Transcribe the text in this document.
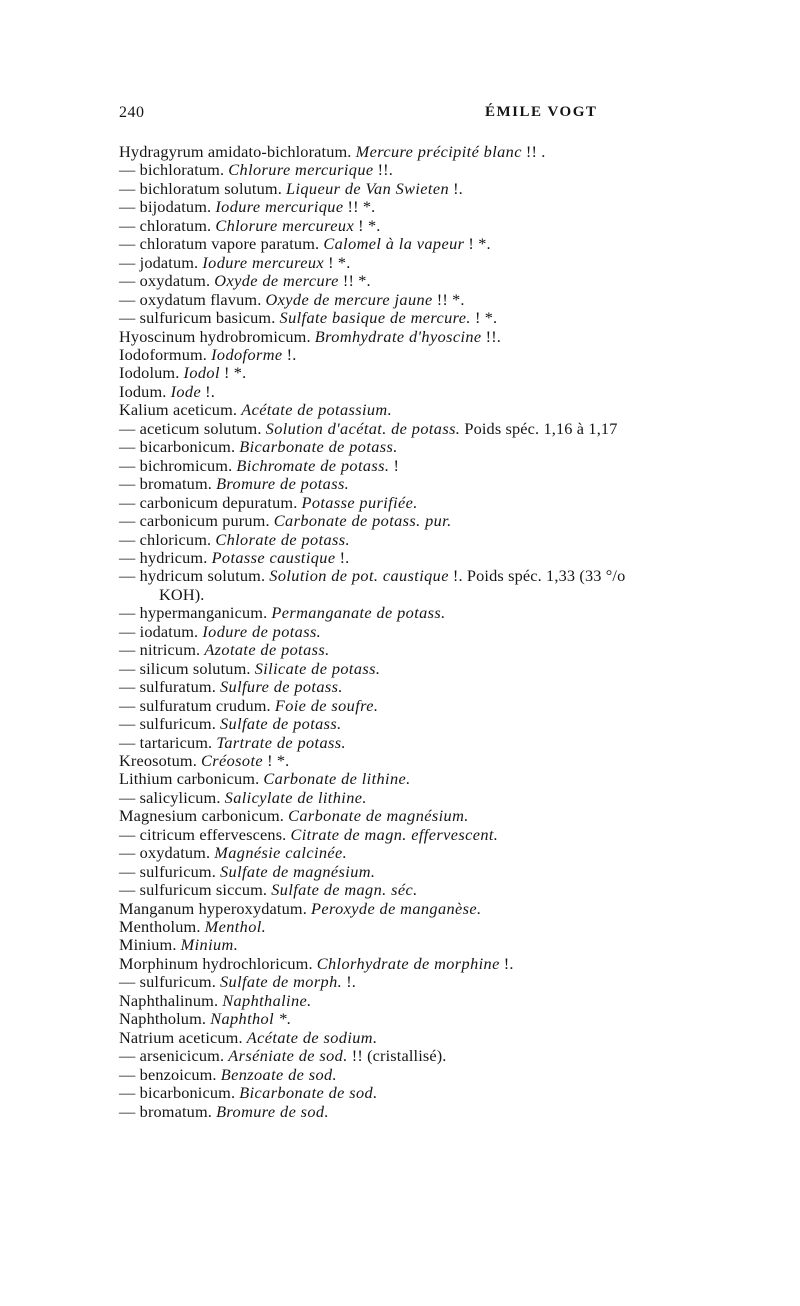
240	ÉMILE VOGT
Hydragyrum amidato-bichloratum. Mercure précipité blanc !! .
— bichloratum. Chlorure mercurique !!.
— bichloratum solutum. Liqueur de Van Swieten !.
— bijodatum. Iodure mercurique !! *.
— chloratum. Chlorure mercureux ! *.
— chloratum vapore paratum. Calomel à la vapeur ! *.
— jodatum. Iodure mercureux ! *.
— oxydatum. Oxyde de mercure !! *.
— oxydatum flavum. Oxyde de mercure jaune !! *.
— sulfuricum basicum. Sulfate basique de mercure. ! *.
Hyoscinum hydrobromicum. Bromhydrate d'hyoscine !!.
Iodoformum. Iodoforme !.
Iodolum. Iodol ! *.
Iodum. Iode !.
Kalium aceticum. Acétate de potassium.
— aceticum solutum. Solution d'acétat. de potass. Poids spéc. 1,16 à 1,17
— bicarbonicum. Bicarbonate de potass.
— bichromicum. Bichromate de potass. !
— bromatum. Bromure de potass.
— carbonicum depuratum. Potasse purifiée.
— carbonicum purum. Carbonate de potass. pur.
— chloricum. Chlorate de potass.
— hydricum. Potasse caustique !.
— hydricum solutum. Solution de pot. caustique !. Poids spéc. 1,33 (33 °/o
KOH).
— hypermanganicum. Permanganate de potass.
— iodatum. Iodure de potass.
— nitricum. Azotate de potass.
— silicum solutum. Silicate de potass.
— sulfuratum. Sulfure de potass.
— sulfuratum crudum. Foie de soufre.
— sulfuricum. Sulfate de potass.
— tartaricum. Tartrate de potass.
Kreosotum. Créosote ! *.
Lithium carbonicum. Carbonate de lithine.
— salicylicum. Salicylate de lithine.
Magnesium carbonicum. Carbonate de magnésium.
— citricum effervescens. Citrate de magn. effervescent.
— oxydatum. Magnésie calcinée.
— sulfuricum. Sulfate de magnésium.
— sulfuricum siccum. Sulfate de magn. séc.
Manganum hyperoxydatum. Peroxyde de manganèse.
Mentholum. Menthol.
Minium. Minium.
Morphinum hydrochloricum. Chlorhydrate de morphine !.
— sulfuricum. Sulfate de morph. !.
Naphthalinum. Naphthaline.
Naphtholum. Naphthol *.
Natrium aceticum. Acétate de sodium.
— arsenicicum. Arséniate de sod. !! (cristallisé).
— benzoicum. Benzoate de sod.
— bicarbonicum. Bicarbonate de sod.
— bromatum. Bromure de sod.
